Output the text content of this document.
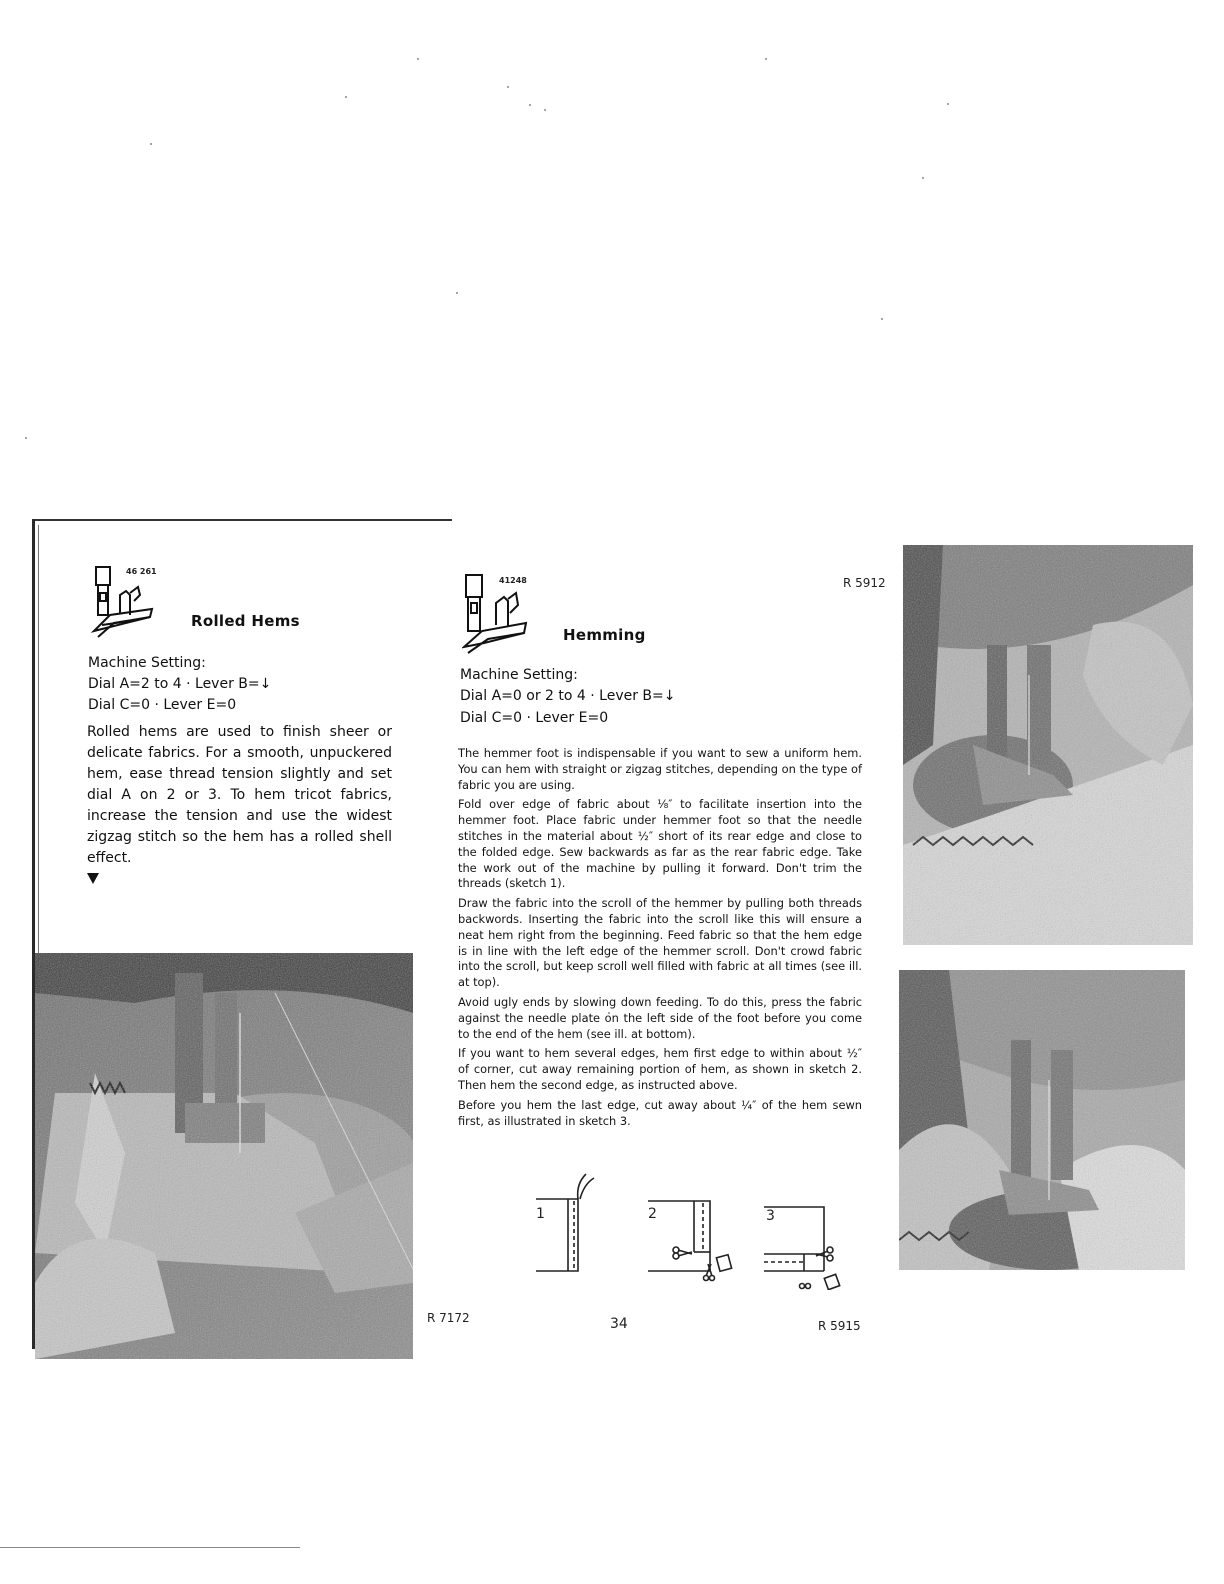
46 261
Rolled Hems
Machine Setting:
Dial A=2 to 4 · Lever B=↓
Dial C=0 · Lever E=0

Rolled hems are used to finish sheer or delicate fabrics. For a smooth, unpuckered hem, ease thread tension slightly and set dial A on 2 or 3. To hem tricot fabrics, increase the tension and use the widest zigzag stitch so the hem has a rolled shell effect.

R 7172
41248
Hemming
R 5912
Machine Setting:
Dial A=0 or 2 to 4 · Lever B=↓
Dial C=0 · Lever E=0

The hemmer foot is indispensable if you want to sew a uniform hem. You can hem with straight or zigzag stitches, depending on the type of fabric you are using.

Fold over edge of fabric about ⅛″ to facilitate insertion into the hemmer foot. Place fabric under hemmer foot so that the needle stitches in the material about ½″ short of its rear edge and close to the folded edge. Sew backwards as far as the rear fabric edge. Take the work out of the machine by pulling it forward. Don't trim the threads (sketch 1).

Draw the fabric into the scroll of the hemmer by pulling both threads backwords. Inserting the fabric into the scroll like this will ensure a neat hem right from the beginning. Feed fabric so that the hem edge is in line with the left edge of the hemmer scroll. Don't crowd fabric into the scroll, but keep scroll well filled with fabric at all times (see ill. at top).

Avoid ugly ends by slowing down feeding. To do this, press the fabric against the needle plate on the left side of the foot before you come to the end of the hem (see ill. at bottom).

If you want to hem several edges, hem first edge to within about ½″ of corner, cut away remaining portion of hem, as shown in sketch 2. Then hem the second edge, as instructed above.

Before you hem the last edge, cut away about ¼″ of the hem sewn first, as illustrated in sketch 3.

1	2	3
34	R 5915
